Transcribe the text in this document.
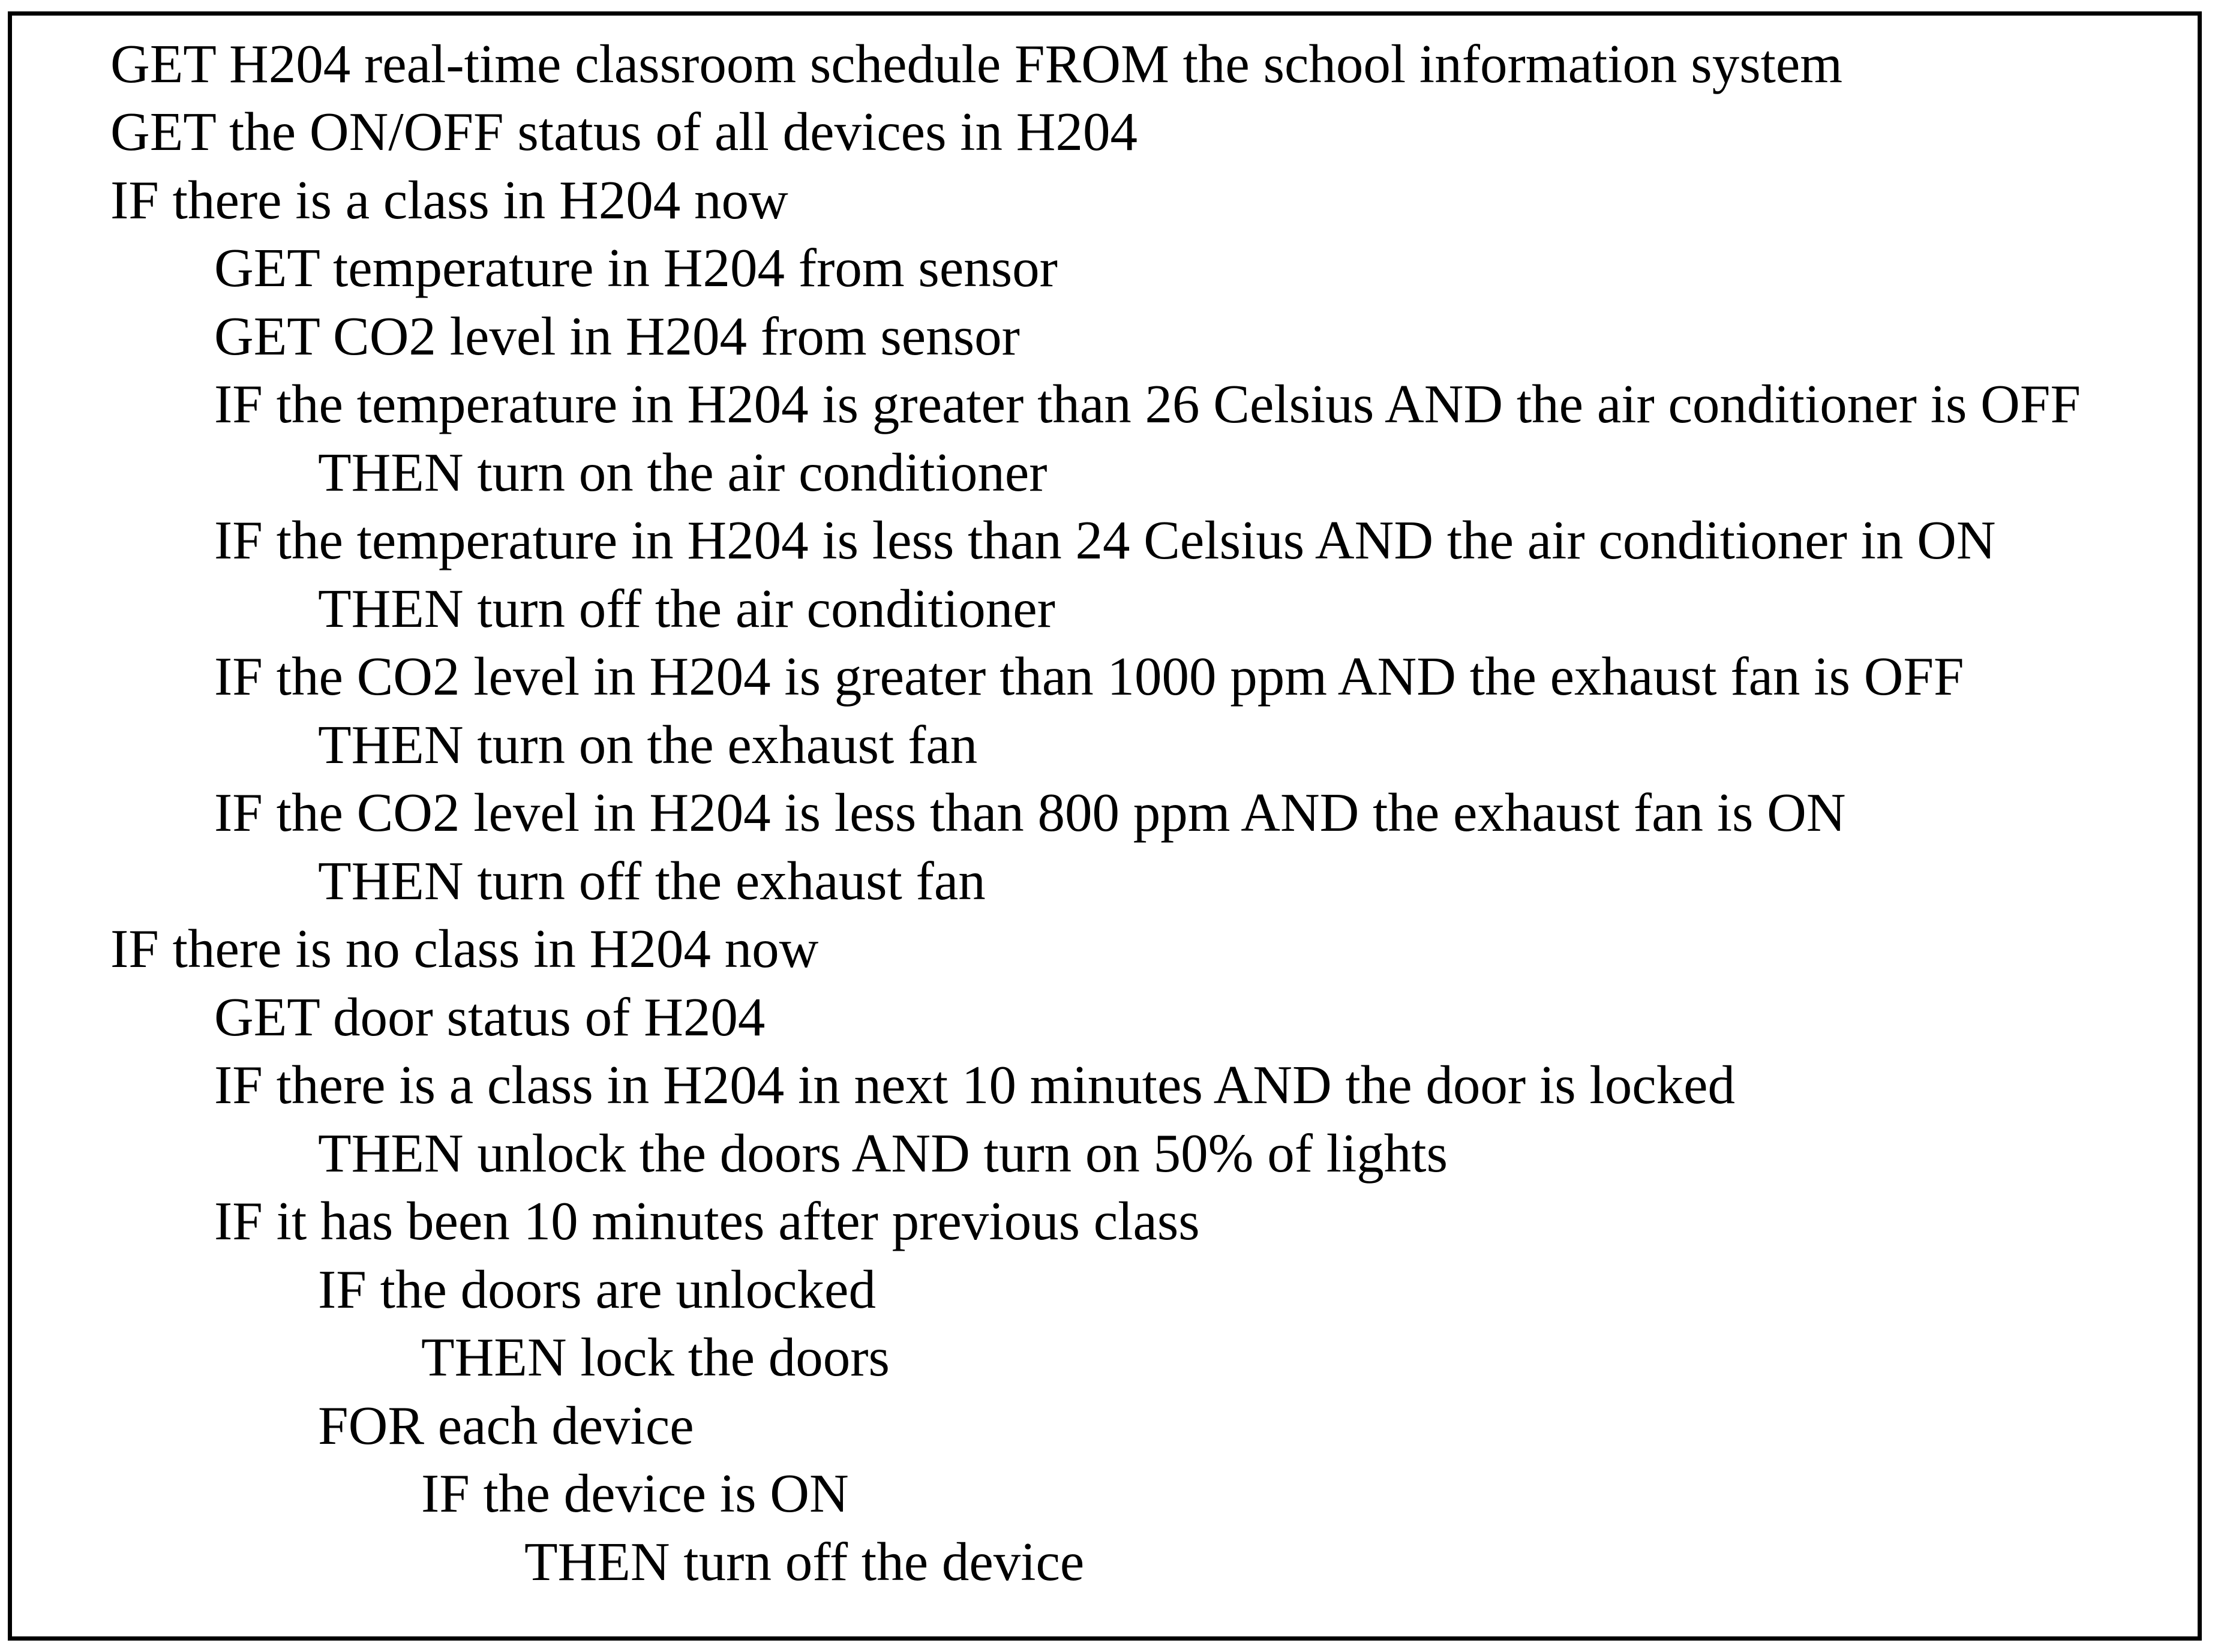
GET H204 real-time classroom schedule FROM the school information system
GET the ON/OFF status of all devices in H204
IF there is a class in H204 now
GET temperature in H204 from sensor
GET CO2 level in H204 from sensor
IF the temperature in H204 is greater than 26 Celsius AND the air conditioner is OFF
THEN turn on the air conditioner
IF the temperature in H204 is less than 24 Celsius AND the air conditioner in ON
THEN turn off the air conditioner
IF the CO2 level in H204 is greater than 1000 ppm AND the exhaust fan is OFF
THEN turn on the exhaust fan
IF the CO2 level in H204 is less than 800 ppm AND the exhaust fan is ON
THEN turn off the exhaust fan
IF there is no class in H204 now
GET door status of H204
IF there is a class in H204 in next 10 minutes AND the door is locked
THEN unlock the doors AND turn on 50% of lights
IF it has been 10 minutes after previous class
IF the doors are unlocked
THEN lock the doors
FOR each device
IF the device is ON
THEN turn off the device
